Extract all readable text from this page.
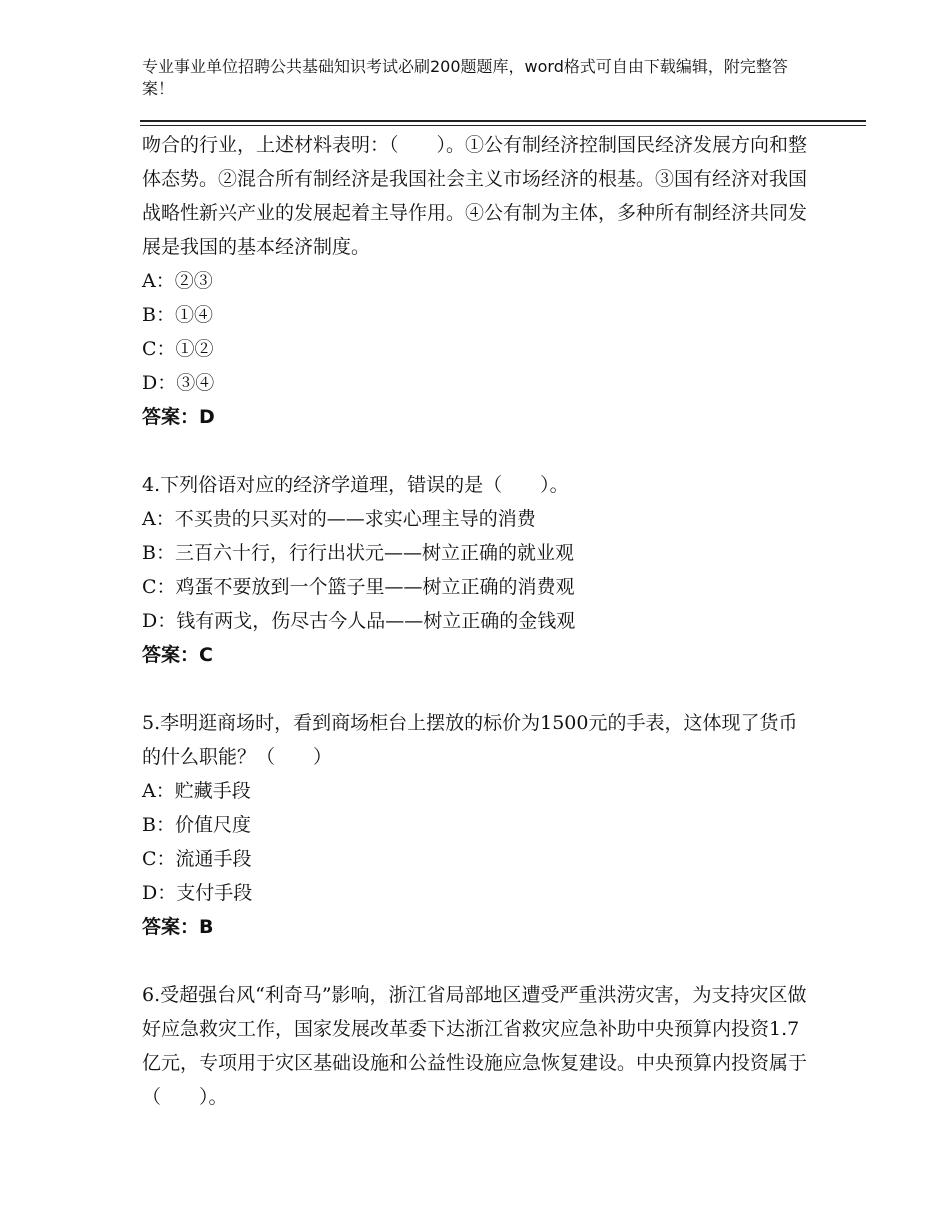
专业事业单位招聘公共基础知识考试必刷200题题库，word格式可自由下载编辑，附完整答案！

吻合的行业，上述材料表明：（　　）。①公有制经济控制国民经济发展方向和整体态势。②混合所有制经济是我国社会主义市场经济的根基。③国有经济对我国战略性新兴产业的发展起着主导作用。④公有制为主体，多种所有制经济共同发展是我国的基本经济制度。

A：②③

B：①④

C：①②

D：③④

答案：D

4.下列俗语对应的经济学道理，错误的是（　　）。

A：不买贵的只买对的——求实心理主导的消费

B：三百六十行，行行出状元——树立正确的就业观

C：鸡蛋不要放到一个篮子里——树立正确的消费观

D：钱有两戈，伤尽古今人品——树立正确的金钱观

答案：C

5.李明逛商场时，看到商场柜台上摆放的标价为1500元的手表，这体现了货币的什么职能？（　　）

A：贮藏手段

B：价值尺度

C：流通手段

D：支付手段

答案：B

6.受超强台风“利奇马”影响，浙江省局部地区遭受严重洪涝灾害，为支持灾区做好应急救灾工作，国家发展改革委下达浙江省救灾应急补助中央预算内投资1.7亿元，专项用于灾区基础设施和公益性设施应急恢复建设。中央预算内投资属于（　　）。
